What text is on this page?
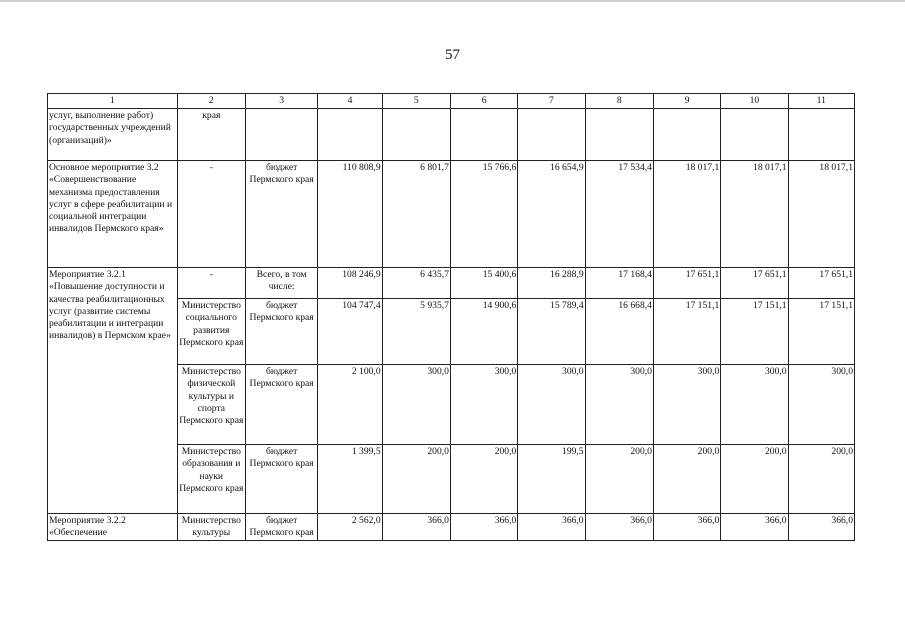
57
1	2	3	4	5	6	7	8	9	10	11
услуг, выполнение работ) государственных учреждений (организаций)»	края									
Основное мероприятие 3.2 «Совершенствование механизма предоставления услуг в сфере реабилитации и социальной интеграции инвалидов Пермского края»	-	бюджет Пермского края	110 808,9	6 801,7	15 766,6	16 654,9	17 534,4	18 017,1	18 017,1	18 017,1
Мероприятие 3.2.1 «Повышение доступности и качества реабилитационных услуг (развитие системы реабилитации и интеграции инвалидов) в Пермском крае»	-	Всего, в том числе:	108 246,9	6 435,7	15 400,6	16 288,9	17 168,4	17 651,1	17 651,1	17 651,1
	Министерство социального развития Пермского края	бюджет Пермского края	104 747,4	5 935,7	14 900,6	15 789,4	16 668,4	17 151,1	17 151,1	17 151,1
	Министерство физической культуры и спорта Пермского края	бюджет Пермского края	2 100,0	300,0	300,0	300,0	300,0	300,0	300,0	300,0
	Министерство образования и науки Пермского края	бюджет Пермского края	1 399,5	200,0	200,0	199,5	200,0	200,0	200,0	200,0
Мероприятие 3.2.2 «Обеспечение	Министерство культуры	бюджет Пермского края	2 562,0	366,0	366,0	366,0	366,0	366,0	366,0	366,0
